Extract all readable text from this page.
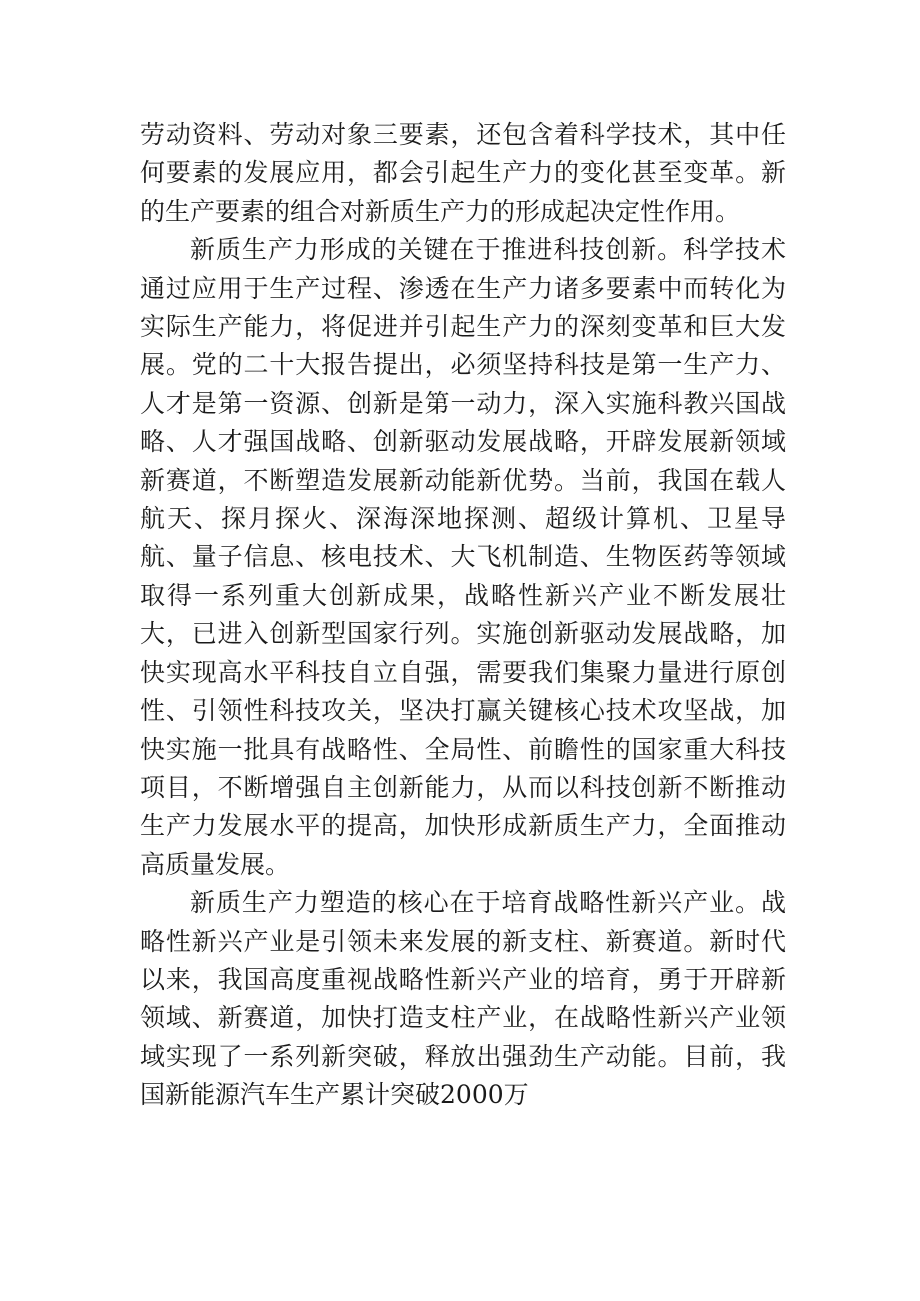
劳动资料、劳动对象三要素，还包含着科学技术，其中任何要素的发展应用，都会引起生产力的变化甚至变革。新的生产要素的组合对新质生产力的形成起决定性作用。

新质生产力形成的关键在于推进科技创新。科学技术通过应用于生产过程、渗透在生产力诸多要素中而转化为实际生产能力，将促进并引起生产力的深刻变革和巨大发展。党的二十大报告提出，必须坚持科技是第一生产力、人才是第一资源、创新是第一动力，深入实施科教兴国战略、人才强国战略、创新驱动发展战略，开辟发展新领域新赛道，不断塑造发展新动能新优势。当前，我国在载人航天、探月探火、深海深地探测、超级计算机、卫星导航、量子信息、核电技术、大飞机制造、生物医药等领域取得一系列重大创新成果，战略性新兴产业不断发展壮大，已进入创新型国家行列。实施创新驱动发展战略，加快实现高水平科技自立自强，需要我们集聚力量进行原创性、引领性科技攻关，坚决打赢关键核心技术攻坚战，加快实施一批具有战略性、全局性、前瞻性的国家重大科技项目，不断增强自主创新能力，从而以科技创新不断推动生产力发展水平的提高，加快形成新质生产力，全面推动高质量发展。

新质生产力塑造的核心在于培育战略性新兴产业。战略性新兴产业是引领未来发展的新支柱、新赛道。新时代以来，我国高度重视战略性新兴产业的培育，勇于开辟新领域、新赛道，加快打造支柱产业，在战略性新兴产业领域实现了一系列新突破，释放出强劲生产动能。目前，我国新能源汽车生产累计突破2000万
